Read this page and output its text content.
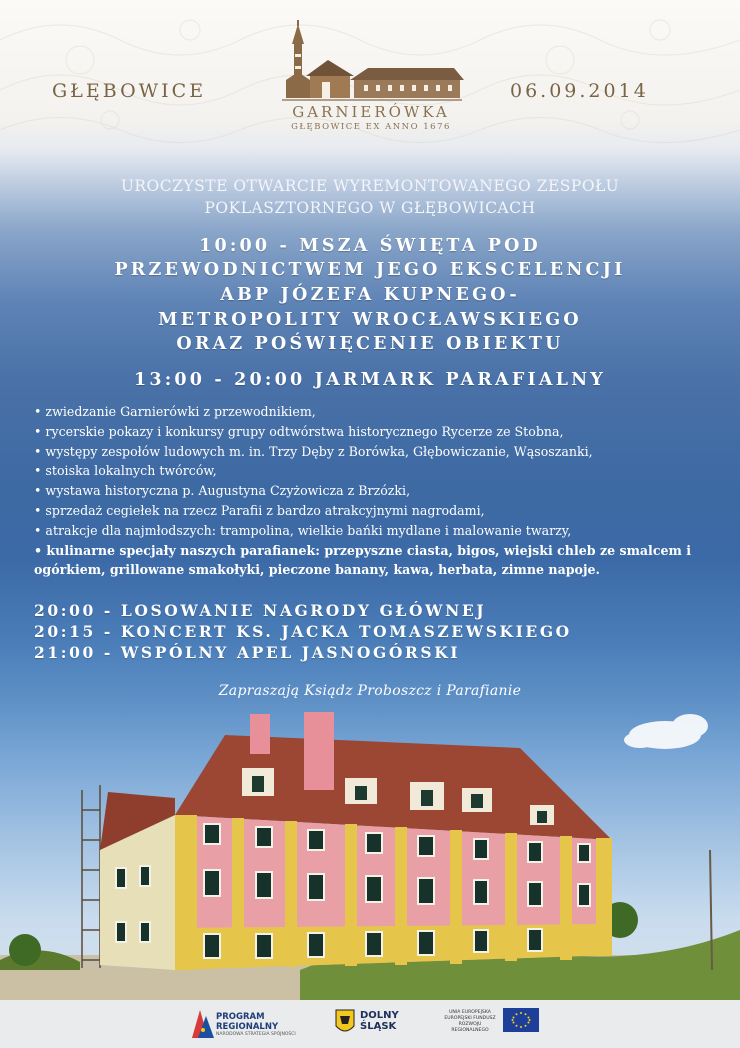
GŁĘBOWICE	06.09.2014
GARNIERÓWKA
GŁĘBOWICE EX ANNO 1676
UROCZYSTE OTWARCIE WYREMONTOWANEGO ZESPOŁU
POKLASZTORNEGO W GŁĘBOWICACH
10:00 - MSZA ŚWIĘTA POD
PRZEWODNICTWEM JEGO EKSCELENCJI
ABP JÓZEFA KUPNEGO-
METROPOLITY WROCŁAWSKIEGO
ORAZ POŚWIĘCENIE OBIEKTU
13:00 - 20:00 JARMARK PARAFIALNY
• zwiedzanie Garnierówki z przewodnikiem,
• rycerskie pokazy i konkursy grupy odtwórstwa historycznego Rycerze ze Stobna,
• występy zespołów ludowych m. in. Trzy Dęby z Borówka, Głębowiczanie, Wąsoszanki,
• stoiska lokalnych twórców,
• wystawa historyczna p. Augustyna Czyżowicza z Brzózki,
• sprzedaż cegiełek na rzecz Parafii z bardzo atrakcyjnymi nagrodami,
• atrakcje dla najmłodszych: trampolina, wielkie bańki mydlane i malowanie twarzy,
• kulinarne specjały naszych parafianek: przepyszne ciasta, bigos, wiejski chleb ze smalcem i ogórkiem, grillowane smakołyki, pieczone banany, kawa, herbata, zimne napoje.
20:00 - LOSOWANIE NAGRODY GŁÓWNEJ
20:15 - KONCERT KS. JACKA TOMASZEWSKIEGO
21:00 - WSPÓLNY APEL JASNOGÓRSKI
Zapraszają Ksiądz Proboszcz i Parafianie
PROGRAM
REGIONALNY
NARODOWA STRATEGIA SPÓJNOŚCI
DOLNY
ŚLĄSK
UNIA EUROPEJSKA
EUROPEJSKI FUNDUSZ
ROZWOJU REGIONALNEGO
